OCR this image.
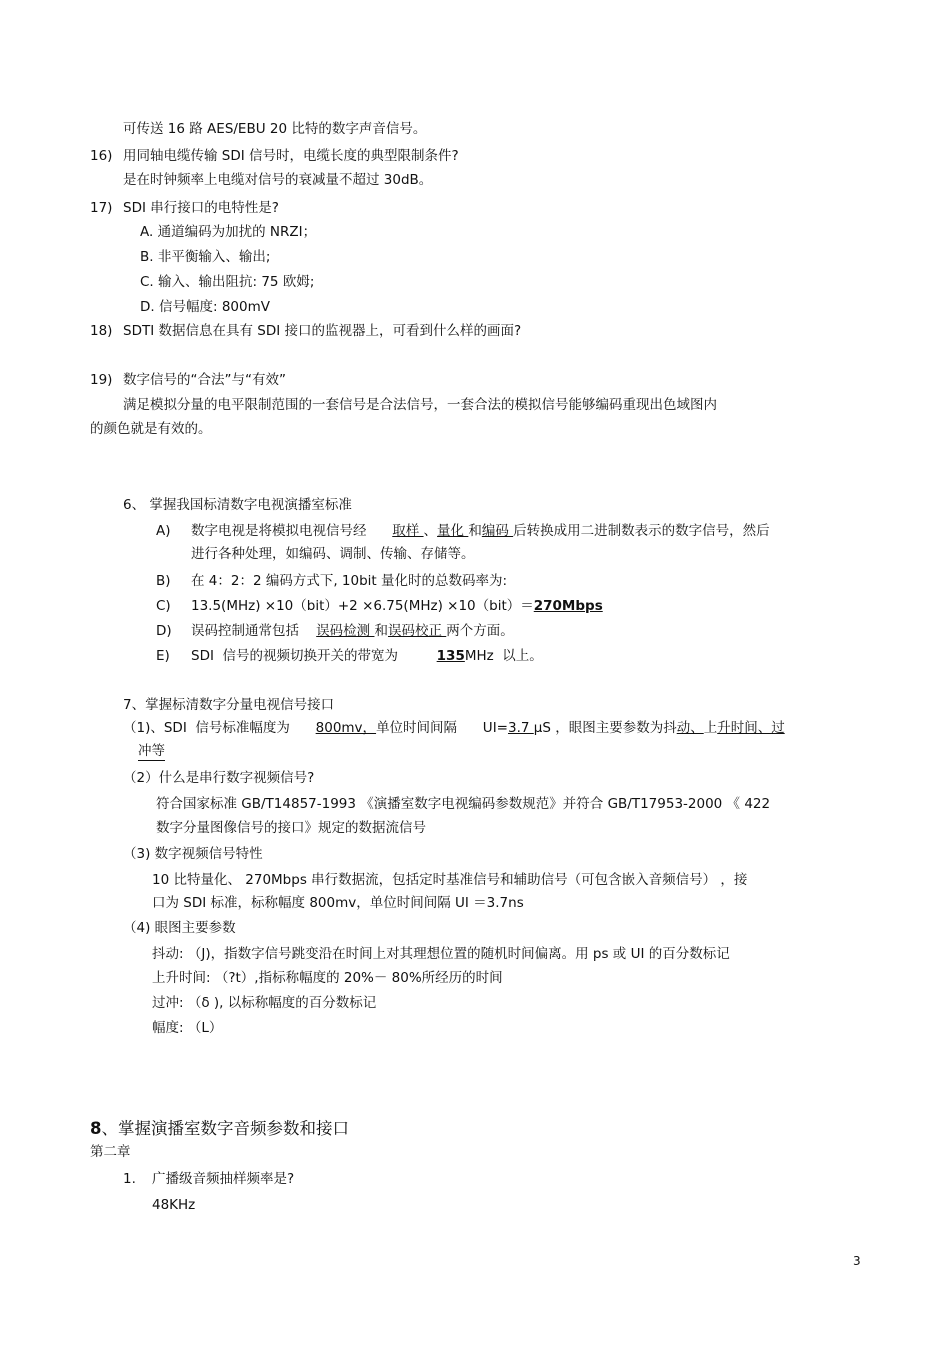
可传送 16 路 AES/EBU 20 比特的数字声音信号。
16) 用同轴电缆传输 SDI 信号时，电缆长度的典型限制条件?
是在时钟频率上电缆对信号的衰减量不超过 30dB。
17) SDI 串行接口的电特性是?
A. 通道编码为加扰的 NRZI；
B. 非平衡输入、输出;
C. 输入、输出阻抗: 75 欧姆;
D. 信号幅度: 800mV
18) SDTI 数据信息在具有 SDI 接口的监视器上，可看到什么样的画面?
19) 数字信号的“合法”与“有效”
满足模拟分量的电平限制范围的一套信号是合法信号，一套合法的模拟信号能够编码重现出色域图内
的颜色就是有效的。
6、 掌握我国标清数字电视演播室标准
A) 数字电视是将模拟电视信号经      取样 、量化 和编码 后转换成用二进制数表示的数字信号，然后
进行各种处理，如编码、调制、传输、存储等。
B) 在 4：2：2 编码方式下, 10bit 量化时的总数码率为:
C) 13.5(MHz) ×10（bit）+2 ×6.75(MHz) ×10（bit）＝270Mbps
D) 误码控制通常包括    误码检测 和误码校正 两个方面。
E) SDI  信号的视频切换开关的带宽为         135MHz  以上。
7、掌握标清数字分量电视信号接口
（1)、SDI  信号标准幅度为      800mv，单位时间间隔      UI=3.7 μS ，眼图主要参数为抖动、上升时间、过
冲等
（2）什么是串行数字视频信号?
符合国家标准 GB/T14857-1993 《演播室数字电视编码参数规范》并符合 GB/T17953-2000 《 422
数字分量图像信号的接口》规定的数据流信号
（3) 数字视频信号特性
10 比特量化、 270Mbps 串行数据流，包括定时基准信号和辅助信号（可包含嵌入音频信号） ，接
口为 SDI 标准，标称幅度 800mv，单位时间间隔 UI ＝3.7ns
（4) 眼图主要参数
抖动: （J)，指数字信号跳变沿在时间上对其理想位置的随机时间偏离。用 ps 或 UI 的百分数标记
上升时间: （?t）,指标称幅度的 20%－ 80%所经历的时间
过冲: （δ ), 以标称幅度的百分数标记
幅度: （L）
8、掌握演播室数字音频参数和接口
第二章
1. 广播级音频抽样频率是?
48KHz
3
